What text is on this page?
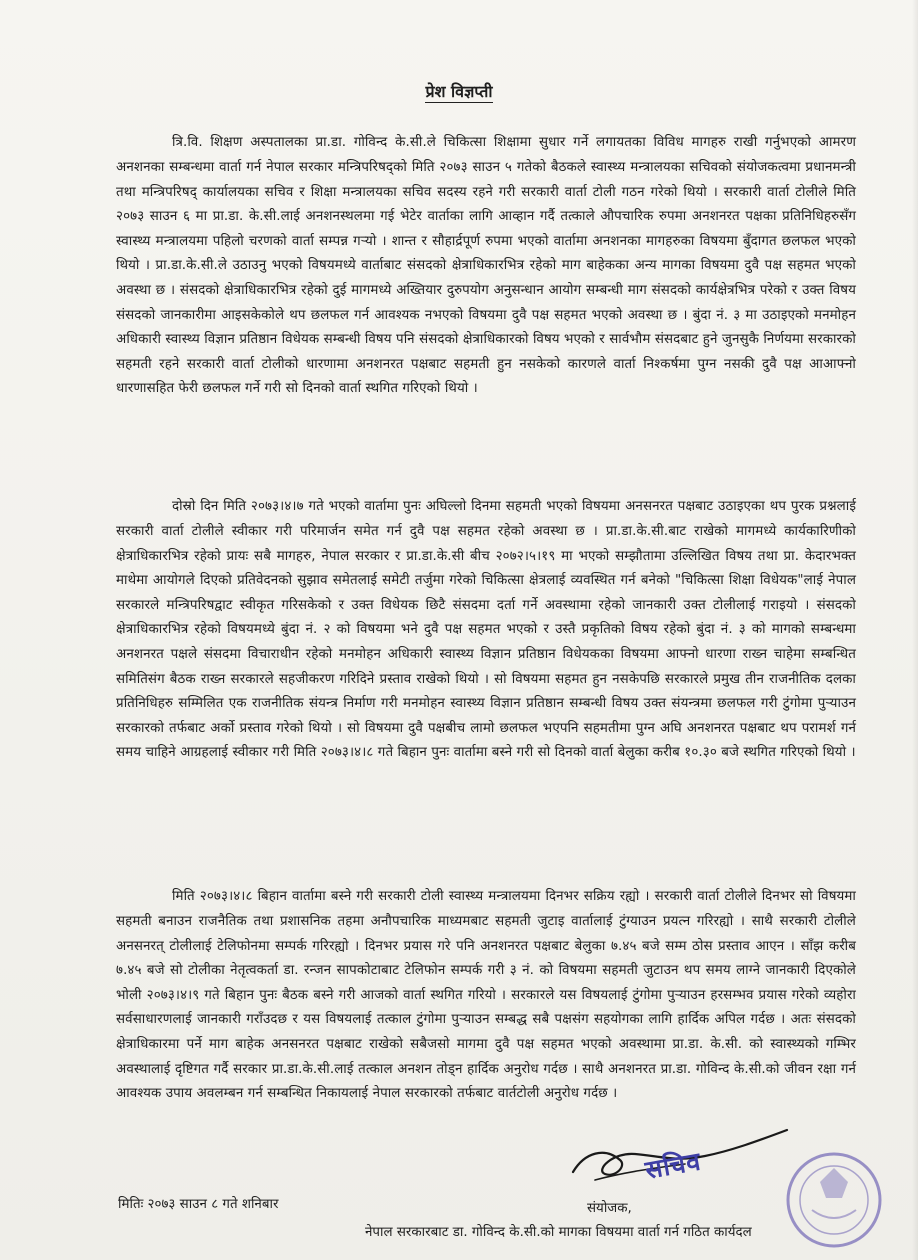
प्रेश विज्ञप्ती

त्रि.वि. शिक्षण अस्पतालका प्रा.डा. गोविन्द के.सी.ले चिकित्सा शिक्षामा सुधार गर्ने लगायतका विविध मागहरु राखी गर्नुभएको आमरण अनशनका सम्बन्धमा वार्ता गर्न नेपाल सरकार मन्त्रिपरिषद्को मिति २०७३ साउन ५ गतेको बैठकले स्वास्थ्य मन्त्रालयका सचिवको संयोजकत्वमा प्रधानमन्त्री तथा मन्त्रिपरिषद् कार्यालयका सचिव र शिक्षा मन्त्रालयका सचिव सदस्य रहने गरी सरकारी वार्ता टोली गठन गरेको थियो । सरकारी वार्ता टोलीले मिति २०७३ साउन ६ मा प्रा.डा. के.सी.लाई अनशनस्थलमा गई भेटेर वार्ताका लागि आव्हान गर्दै तत्काले औपचारिक रुपमा अनशनरत पक्षका प्रतिनिधिहरुसँग स्वास्थ्य मन्त्रालयमा पहिलो चरणको वार्ता सम्पन्न गर्‍यो । शान्त र सौहार्द्रपूर्ण रुपमा भएको वार्तामा अनशनका मागहरुका विषयमा बुँदागत छलफल भएको थियो । प्रा.डा.के.सी.ले उठाउनु भएको विषयमध्ये वार्ताबाट संसदको क्षेत्राधिकारभित्र रहेको माग बाहेकका अन्य मागका विषयमा दुवै पक्ष सहमत भएको अवस्था छ । संसदको क्षेत्राधिकारभित्र रहेको दुई मागमध्ये अख्तियार दुरुपयोग अनुसन्धान आयोग सम्बन्धी माग संसदको कार्यक्षेत्रभित्र परेको र उक्त विषय संसदको जानकारीमा आइसकेकोले थप छलफल गर्न आवश्यक नभएको विषयमा दुवै पक्ष सहमत भएको अवस्था छ । बुंदा नं. ३ मा उठाइएको मनमोहन अधिकारी स्वास्थ्य विज्ञान प्रतिष्ठान विधेयक सम्बन्धी विषय पनि संसदको क्षेत्राधिकारको विषय भएको र सार्वभौम संसदबाट हुने जुनसुकै निर्णयमा सरकारको सहमती रहने सरकारी वार्ता टोलीको धारणामा अनशनरत पक्षबाट सहमती हुन नसकेको कारणले वार्ता निश्कर्षमा पुग्न नसकी दुवै पक्ष आआफ्नो धारणासहित फेरी छलफल गर्ने गरी सो दिनको वार्ता स्थगित गरिएको थियो ।

दोस्रो दिन मिति २०७३।४।७ गते भएको वार्तामा पुनः अघिल्लो दिनमा सहमती भएको विषयमा अनसनरत पक्षबाट उठाइएका थप पुरक प्रश्नलाई सरकारी वार्ता टोलीले स्वीकार गरी परिमार्जन समेत गर्न दुवै पक्ष सहमत रहेको अवस्था छ । प्रा.डा.के.सी.बाट राखेको मागमध्ये कार्यकारिणीको क्षेत्राधिकारभित्र रहेको प्रायः सबै मागहरु, नेपाल सरकार र प्रा.डा.के.सी बीच २०७२।५।१९ मा भएको सम्झौतामा उल्लिखित विषय तथा प्रा. केदारभक्त माथेमा आयोगले दिएको प्रतिवेदनको सुझाव समेतलाई समेटी तर्जुमा गरेको चिकित्सा क्षेत्रलाई व्यवस्थित गर्न बनेको "चिकित्सा शिक्षा विधेयक"लाई नेपाल सरकारले मन्त्रिपरिषद्वाट स्वीकृत गरिसकेको र उक्त विधेयक छिटै संसदमा दर्ता गर्ने अवस्थामा रहेको जानकारी उक्त टोलीलाई गराइयो । संसदको क्षेत्राधिकारभित्र रहेको विषयमध्ये बुंदा नं. २ को विषयमा भने दुवै पक्ष सहमत भएको र उस्तै प्रकृतिको विषय रहेको बुंदा नं. ३ को मागको सम्बन्धमा अनशनरत पक्षले संसदमा विचाराधीन रहेको मनमोहन अधिकारी स्वास्थ्य विज्ञान प्रतिष्ठान विधेयकका विषयमा आफ्नो धारणा राख्न चाहेमा सम्बन्धित समितिसंग बैठक राख्न सरकारले सहजीकरण गरिदिने प्रस्ताव राखेको थियो । सो विषयमा सहमत हुन नसकेपछि सरकारले प्रमुख तीन राजनीतिक दलका प्रतिनिधिहरु सम्मिलित एक राजनीतिक संयन्त्र निर्माण गरी मनमोहन स्वास्थ्य विज्ञान प्रतिष्ठान सम्बन्धी विषय उक्त संयन्त्रमा छलफल गरी टुंगोमा पुर्‍याउन सरकारको तर्फबाट अर्को प्रस्ताव गरेको थियो । सो विषयमा दुवै पक्षबीच लामो छलफल भएपनि सहमतीमा पुग्न अघि अनशनरत पक्षबाट थप परामर्श गर्न समय चाहिने आग्रहलाई स्वीकार गरी मिति २०७३।४।८ गते बिहान पुनः वार्तामा बस्ने गरी सो दिनको वार्ता बेलुका करीब १०.३० बजे स्थगित गरिएको थियो ।

मिति २०७३।४।८ बिहान वार्तामा बस्ने गरी सरकारी टोली स्वास्थ्य मन्त्रालयमा दिनभर सक्रिय रह्यो । सरकारी वार्ता टोलीले दिनभर सो विषयमा सहमती बनाउन राजनैतिक तथा प्रशासनिक तहमा अनौपचारिक माध्यमबाट सहमती जुटाइ वार्तालाई टुंग्याउन प्रयत्न गरिरह्यो । साथै सरकारी टोलीले अनसनरत् टोलीलाई टेलिफोनमा सम्पर्क गरिरह्यो । दिनभर प्रयास गरे पनि अनशनरत पक्षबाट बेलुका ७.४५ बजे सम्म ठोस प्रस्ताव आएन । साँझ करीब ७.४५ बजे सो टोलीका नेतृत्वकर्ता डा. रन्जन सापकोटाबाट टेलिफोन सम्पर्क गरी ३ नं. को विषयमा सहमती जुटाउन थप समय लाग्ने जानकारी दिएकोले भोली २०७३।४।९ गते बिहान पुनः बैठक बस्ने गरी आजको वार्ता स्थगित गरियो । सरकारले यस विषयलाई टुंगोमा पुऱ्याउन हरसम्भव प्रयास गरेको व्यहोरा सर्वसाधारणलाई जानकारी गराँउदछ र यस विषयलाई तत्काल टुंगोमा पुऱ्याउन सम्बद्ध सबै पक्षसंग सहयोगका लागि हार्दिक अपिल गर्दछ । अतः संसदको क्षेत्राधिकारमा पर्ने माग बाहेक अनसनरत पक्षबाट राखेको सबैजसो मागमा दुवै पक्ष सहमत भएको अवस्थामा प्रा.डा. के.सी. को स्वास्थ्यको गम्भिर अवस्थालाई दृष्टिगत गर्दै सरकार प्रा.डा.के.सी.लाई तत्काल अनशन तोड्न हार्दिक अनुरोध गर्दछ । साथै अनशनरत प्रा.डा. गोविन्द के.सी.को जीवन रक्षा गर्न आवश्यक उपाय अवलम्बन गर्न सम्बन्धित निकायलाई नेपाल सरकारको तर्फबाट वार्तटोली अनुरोध गर्दछ ।

सचिव
मितिः २०७३ साउन ८ गते शनिबार	संयोजक,
नेपाल सरकारबाट डा. गोविन्द के.सी.को मागका विषयमा वार्ता गर्न गठित कार्यदल
